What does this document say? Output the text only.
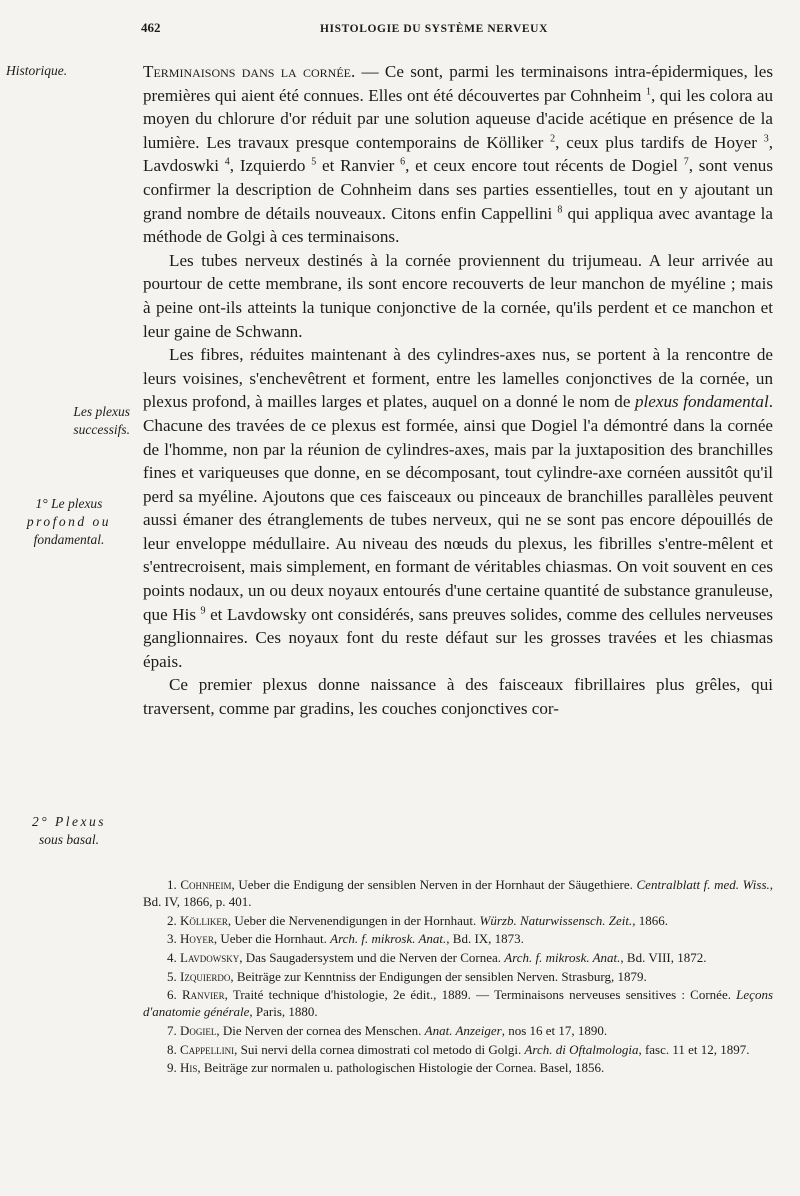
462	HISTOLOGIE DU SYSTÈME NERVEUX
Historique.
Les plexus
successifs.
1° Le plexus
profond ou
fondamental.
2° Plexus
sous basal.

Terminaisons dans la cornée. — Ce sont, parmi les terminaisons intra-épidermiques, les premières qui aient été connues. Elles ont été découvertes par Cohnheim $^1$, qui les colora au moyen du chlorure d'or réduit par une solution aqueuse d'acide acétique en présence de la lumière. Les travaux presque contemporains de Kölliker $^2$, ceux plus tardifs de Hoyer $^3$, Lavdoswki $^4$, Izquierdo $^5$ et Ranvier $^6$, et ceux encore tout récents de Dogiel $^7$, sont venus confirmer la description de Cohnheim dans ses parties essentielles, tout en y ajoutant un grand nombre de détails nouveaux. Citons enfin Cappellini $^8$ qui appliqua avec avantage la méthode de Golgi à ces terminaisons.

Les tubes nerveux destinés à la cornée proviennent du trijumeau. A leur arrivée au pourtour de cette membrane, ils sont encore recouverts de leur manchon de myéline ; mais à peine ont-ils atteints la tunique conjonctive de la cornée, qu'ils perdent et ce manchon et leur gaine de Schwann.

Les fibres, réduites maintenant à des cylindres-axes nus, se portent à la rencontre de leurs voisines, s'enchevêtrent et forment, entre les lamelles conjonctives de la cornée, un plexus profond, à mailles larges et plates, auquel on a donné le nom de plexus fondamental. Chacune des travées de ce plexus est formée, ainsi que Dogiel l'a démontré dans la cornée de l'homme, non par la réunion de cylindres-axes, mais par la juxtaposition des branchilles fines et variqueuses que donne, en se décomposant, tout cylindre-axe cornéen aussitôt qu'il perd sa myéline. Ajoutons que ces faisceaux ou pinceaux de branchilles parallèles peuvent aussi émaner des étranglements de tubes nerveux, qui ne se sont pas encore dépouillés de leur enveloppe médullaire. Au niveau des nœuds du plexus, les fibrilles s'entre-mêlent et s'entrecroisent, mais simplement, en formant de véritables chiasmas. On voit souvent en ces points nodaux, un ou deux noyaux entourés d'une certaine quantité de substance granuleuse, que His $^9$ et Lavdowsky ont considérés, sans preuves solides, comme des cellules nerveuses ganglionnaires. Ces noyaux font du reste défaut sur les grosses travées et les chiasmas épais.

Ce premier plexus donne naissance à des faisceaux fibrillaires plus grêles, qui traversent, comme par gradins, les couches conjonctives cor-

1. Cohnheim, Ueber die Endigung der sensiblen Nerven in der Hornhaut der Säugethiere. Centralblatt f. med. Wiss., Bd. IV, 1866, p. 401.

2. Kölliker, Ueber die Nervenendigungen in der Hornhaut. Würzb. Naturwissensch. Zeit., 1866.

3. Hoyer, Ueber die Hornhaut. Arch. f. mikrosk. Anat., Bd. IX, 1873.

4. Lavdowsky, Das Saugadersystem und die Nerven der Cornea. Arch. f. mikrosk. Anat., Bd. VIII, 1872.

5. Izquierdo, Beiträge zur Kenntniss der Endigungen der sensiblen Nerven. Strasburg, 1879.

6. Ranvier, Traité technique d'histologie, 2e édit., 1889. — Terminaisons nerveuses sensitives : Cornée. Leçons d'anatomie générale, Paris, 1880.

7. Dogiel, Die Nerven der cornea des Menschen. Anat. Anzeiger, nos 16 et 17, 1890.

8. Cappellini, Sui nervi della cornea dimostrati col metodo di Golgi. Arch. di Oftalmologia, fasc. 11 et 12, 1897.

9. His, Beiträge zur normalen u. pathologischen Histologie der Cornea. Basel, 1856.
